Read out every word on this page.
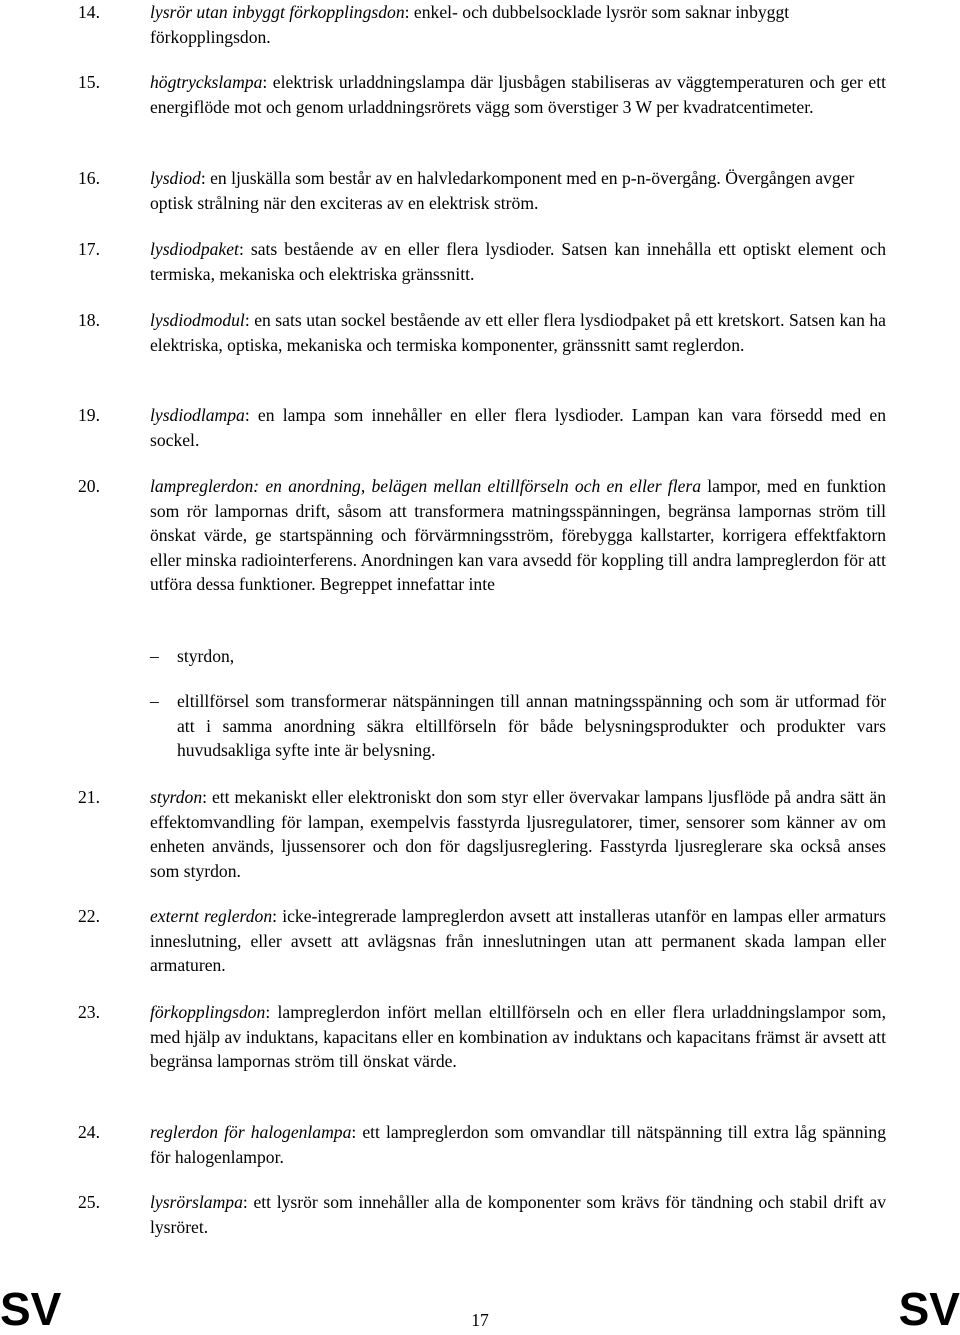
14.	lysrör utan inbyggt förkopplingsdon: enkel- och dubbelsocklade lysrör som saknar inbyggt förkopplingsdon.
15.	högtryckslampa: elektrisk urladdningslampa där ljusbågen stabiliseras av väggtemperaturen och ger ett energiflöde mot och genom urladdningsrörets vägg som överstiger 3 W per kvadratcentimeter.
16.	lysdiod: en ljuskälla som består av en halvledarkomponent med en p-n-övergång. Övergången avger optisk strålning när den exciteras av en elektrisk ström.
17.	lysdiodpaket: sats bestående av en eller flera lysdioder. Satsen kan innehålla ett optiskt element och termiska, mekaniska och elektriska gränssnitt.
18.	lysdiodmodul: en sats utan sockel bestående av ett eller flera lysdiodpaket på ett kretskort. Satsen kan ha elektriska, optiska, mekaniska och termiska komponenter, gränssnitt samt reglerdon.
19.	lysdiodlampa: en lampa som innehåller en eller flera lysdioder. Lampan kan vara försedd med en sockel.
20.	lampreglerdon: en anordning, belägen mellan eltillförseln och en eller flera lampor, med en funktion som rör lampornas drift, såsom att transformera matningsspänningen, begränsa lampornas ström till önskat värde, ge startspänning och förvärmningsström, förebygga kallstarter, korrigera effektfaktorn eller minska radiointerferens. Anordningen kan vara avsedd för koppling till andra lampreglerdon för att utföra dessa funktioner. Begreppet innefattar inte
– styrdon,
– eltillförsel som transformerar nätspänningen till annan matningsspänning och som är utformad för att i samma anordning säkra eltillförseln för både belysningsprodukter och produkter vars huvudsakliga syfte inte är belysning.
21.	styrdon: ett mekaniskt eller elektroniskt don som styr eller övervakar lampans ljusflöde på andra sätt än effektomvandling för lampan, exempelvis fasstyrda ljusregulatorer, timer, sensorer som känner av om enheten används, ljussensorer och don för dagsljusreglering. Fasstyrda ljusreglerare ska också anses som styrdon.
22.	externt reglerdon: icke-integrerade lampreglerdon avsett att installeras utanför en lampas eller armaturs inneslutning, eller avsett att avlägsnas från inneslutningen utan att permanent skada lampan eller armaturen.
23.	förkopplingsdon: lampreglerdon infört mellan eltillförseln och en eller flera urladdningslampor som, med hjälp av induktans, kapacitans eller en kombination av induktans och kapacitans främst är avsett att begränsa lampornas ström till önskat värde.
24.	reglerdon för halogenlampa: ett lampreglerdon som omvandlar till nätspänning till extra låg spänning för halogenlampor.
25.	lysrörslampa: ett lysrör som innehåller alla de komponenter som krävs för tändning och stabil drift av lysröret.
SV	17	SV
